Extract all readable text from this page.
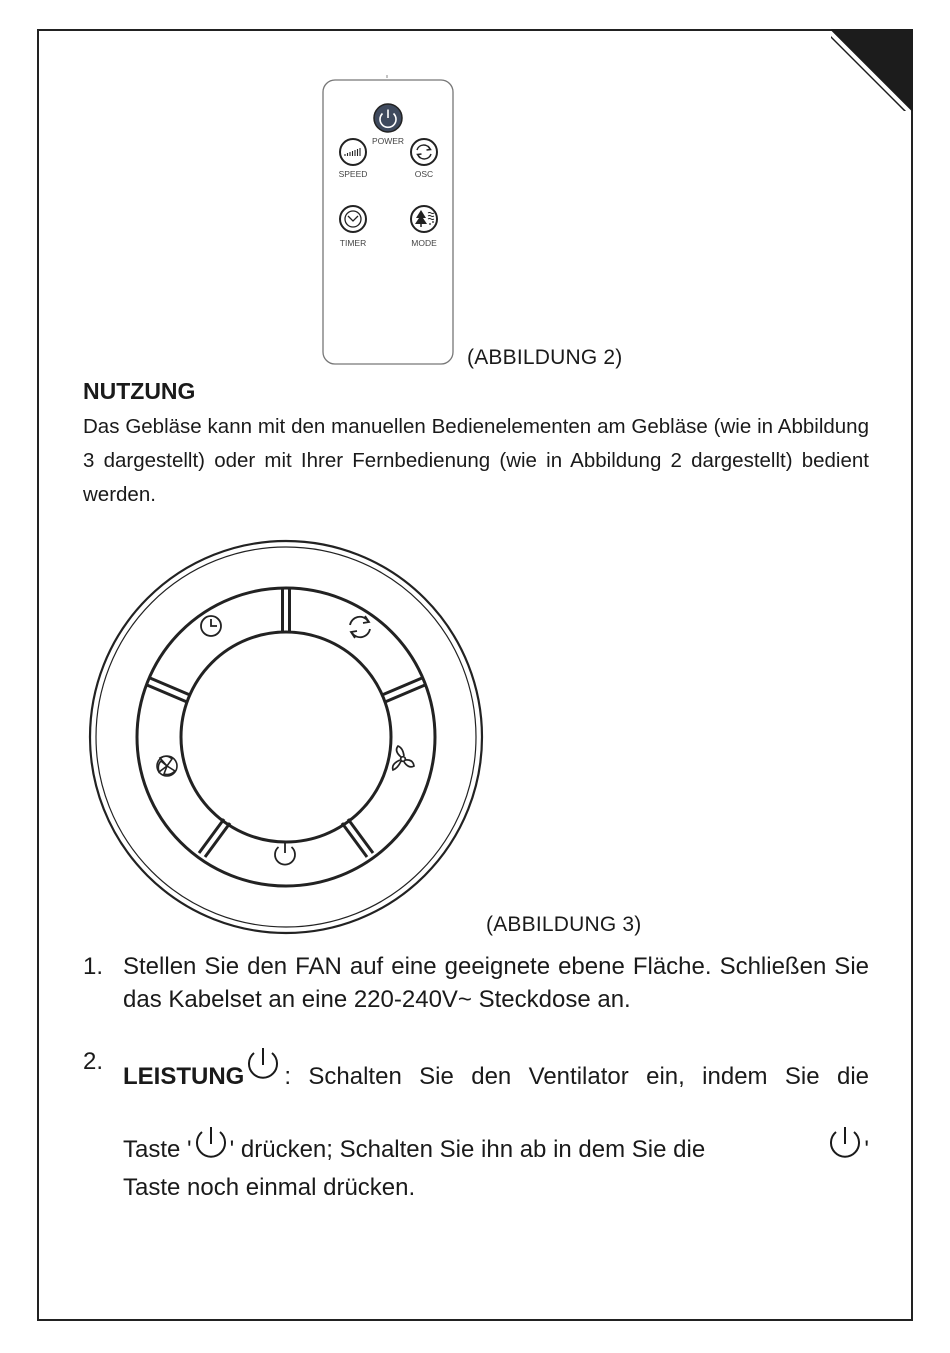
POWER
SPEED	OSC
TIMER	MODE
(ABBILDUNG 2)
NUTZUNG

Das Gebläse kann mit den manuellen Bedienelementen am Gebläse (wie in Abbildung 3 dargestellt) oder mit Ihrer Fernbedienung (wie in Abbildung 2 dargestellt) bedient werden.

(ABBILDUNG 3)
1. Stellen Sie den FAN auf eine geeignete ebene Fläche. Schließen Sie das Kabelset an eine 220-240V~ Steckdose an.
2.
LEISTUNG	: Schalten Sie den Ventilator ein, indem Sie die
Taste ' ' drücken; Schalten Sie ihn ab in dem Sie die	'
Taste noch einmal drücken.
